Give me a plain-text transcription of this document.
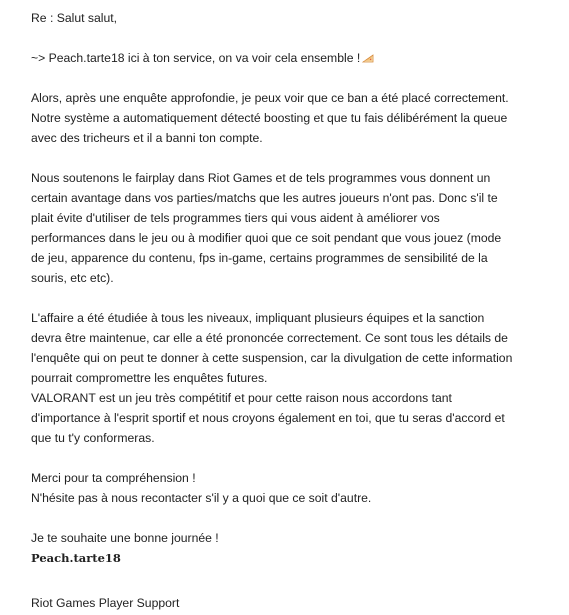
Re : Salut salut,

~> Peach.tarte18 ici à ton service, on va voir cela ensemble !

Alors, après une enquête approfondie, je peux voir que ce ban a été placé correctement.

Notre système a automatiquement détecté boosting et que tu fais délibérément la queue

avec des tricheurs et il a banni ton compte.

Nous soutenons le fairplay dans Riot Games et de tels programmes vous donnent un

certain avantage dans vos parties/matchs que les autres joueurs n'ont pas. Donc s'il te

plait évite d'utiliser de tels programmes tiers qui vous aident à améliorer vos

performances dans le jeu ou à modifier quoi que ce soit pendant que vous jouez (mode

de jeu, apparence du contenu, fps in-game, certains programmes de sensibilité de la

souris, etc etc).

L'affaire a été étudiée à tous les niveaux, impliquant plusieurs équipes et la sanction

devra être maintenue, car elle a été prononcée correctement. Ce sont tous les détails de

l'enquête qui on peut te donner à cette suspension, car la divulgation de cette information

pourrait compromettre les enquêtes futures.

VALORANT est un jeu très compétitif et pour cette raison nous accordons tant

d'importance à l'esprit sportif et nous croyons également en toi, que tu seras d'accord et

que tu t'y conformeras.

Merci pour ta compréhension !

N'hésite pas à nous recontacter s'il y a quoi que ce soit d'autre.

Je te souhaite une bonne journée !

Peach.tarte18

Riot Games Player Support
